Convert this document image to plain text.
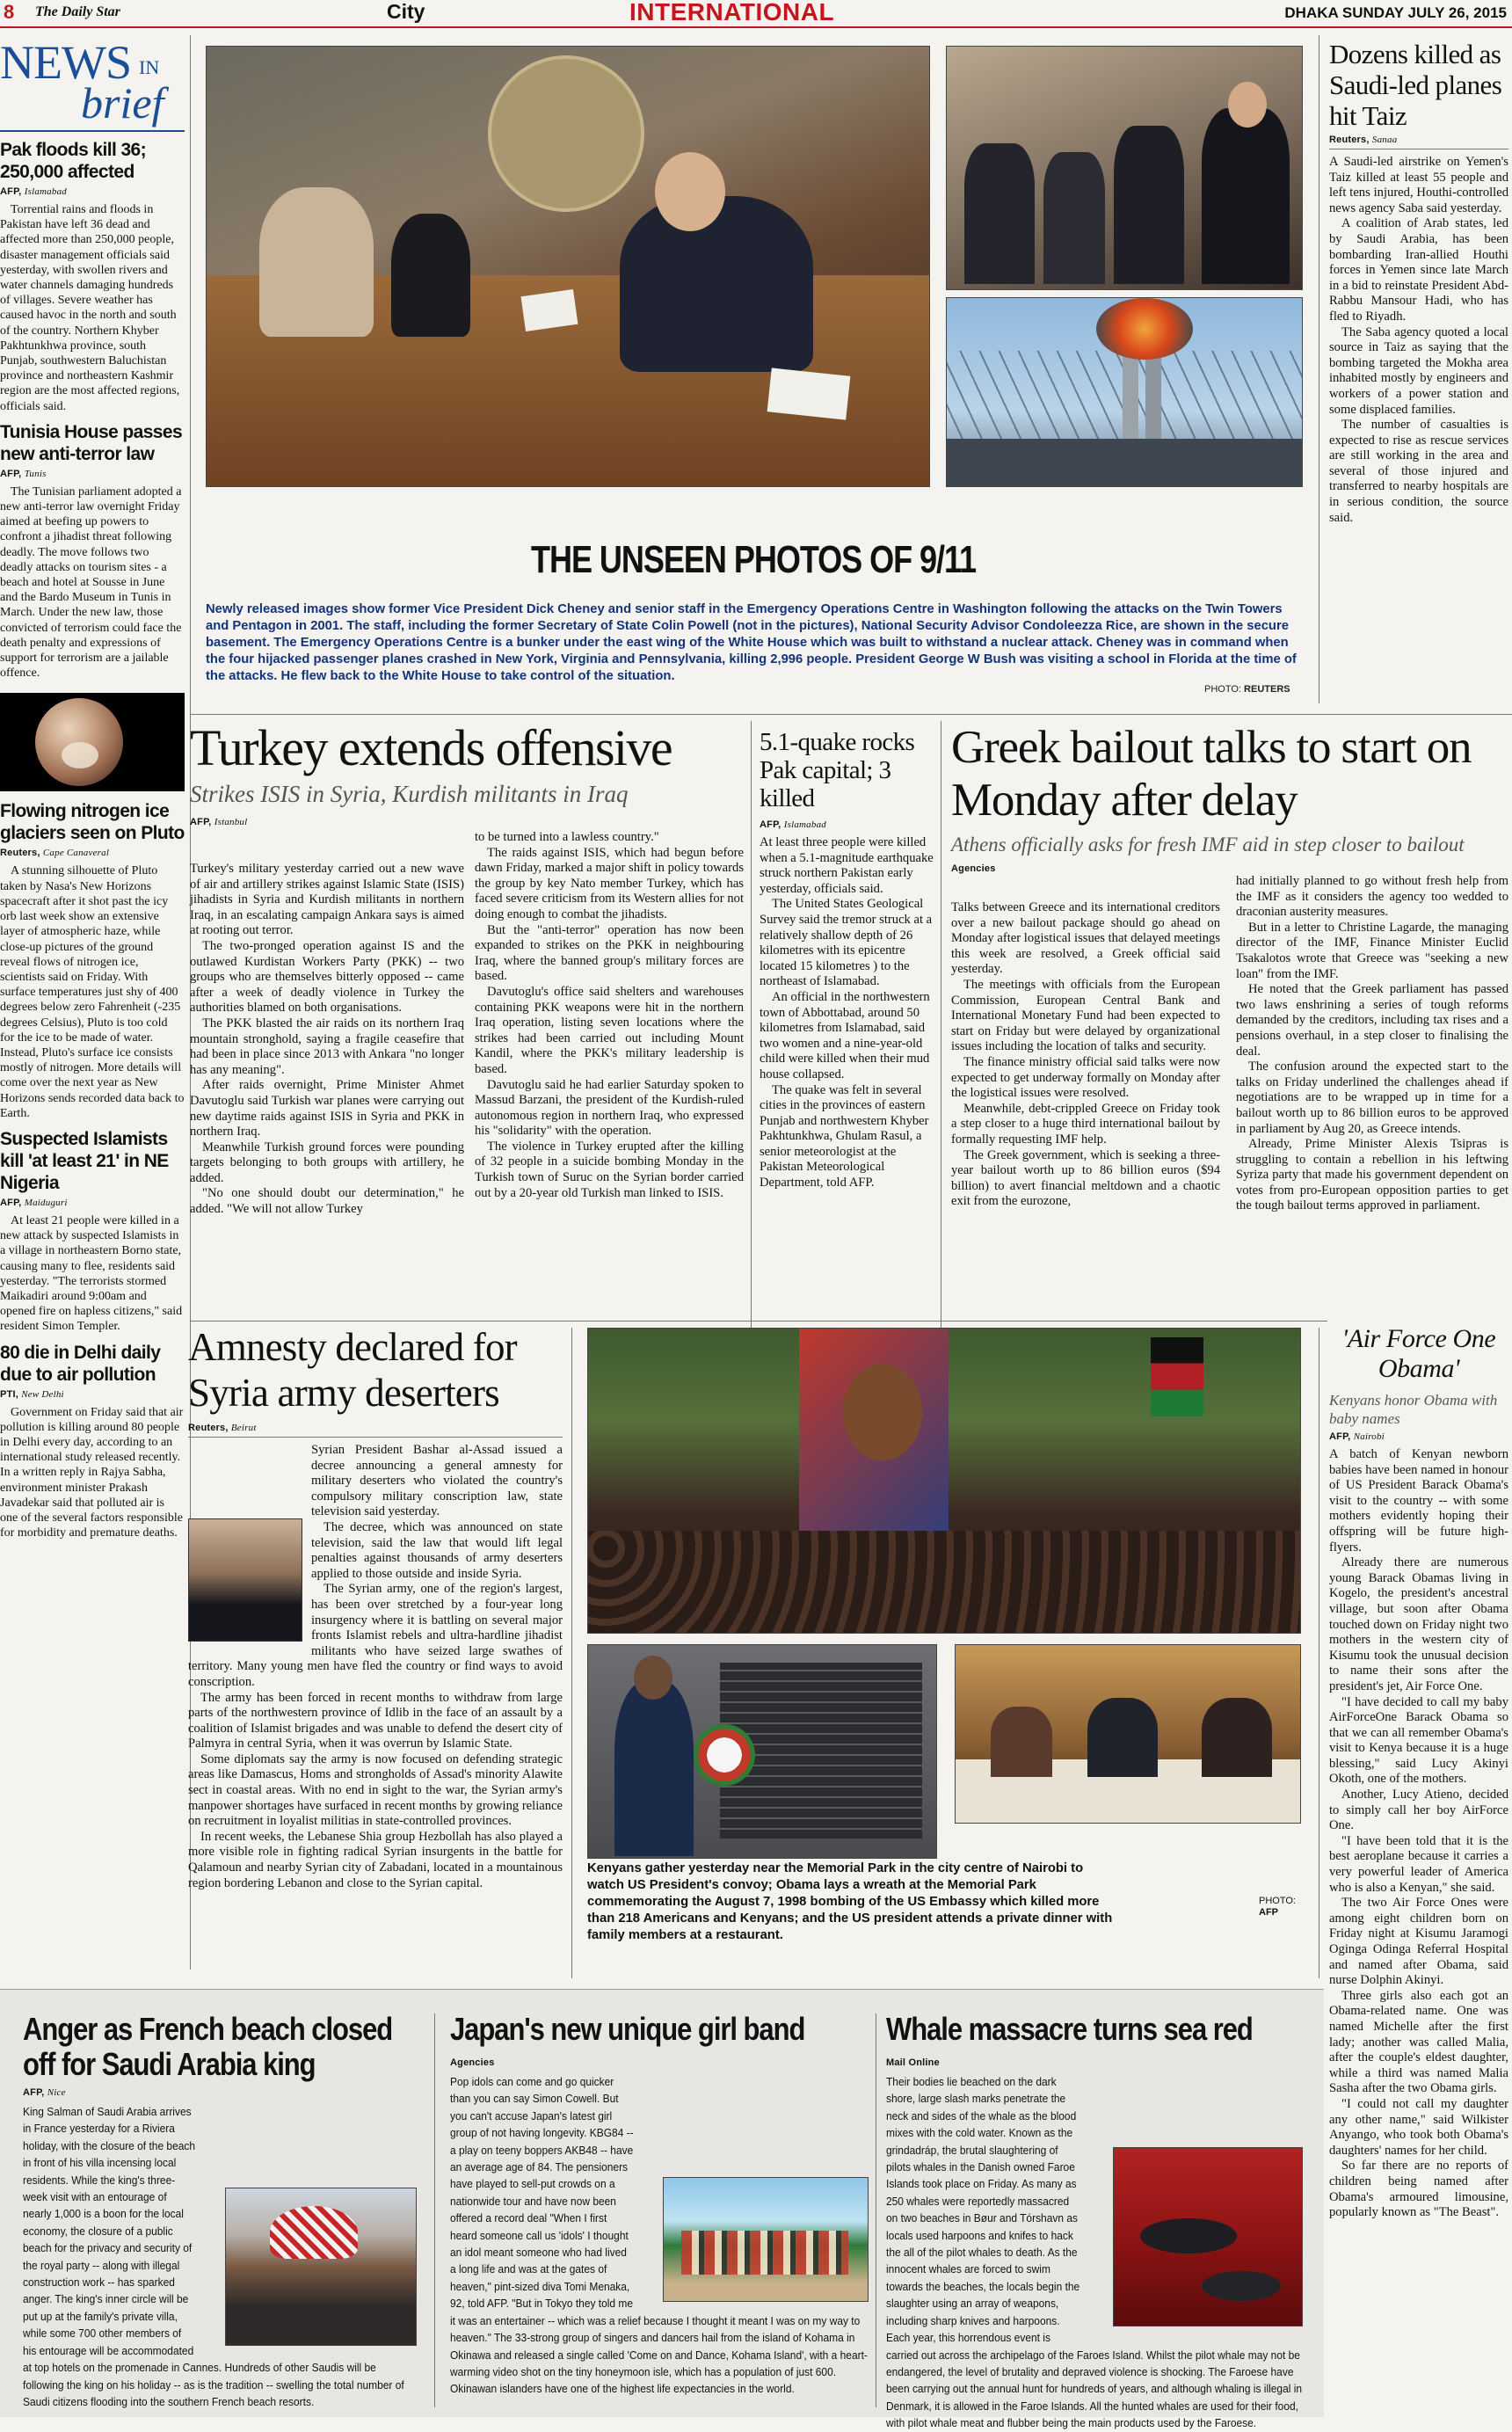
8 The Daily Star	City	INTERNATIONAL	DHAKA SUNDAY JULY 26, 2015
NEWS IN
brief
Pak floods kill 36; 250,000 affected
AFP, Islamabad

Torrential rains and floods in Pakistan have left 36 dead and affected more than 250,000 people, disaster management officials said yesterday, with swollen rivers and water channels damaging hundreds of villages. Severe weather has caused havoc in the north and south of the country. Northern Khyber Pakhtunkhwa province, south Punjab, southwestern Baluchistan province and northeastern Kashmir region are the most affected regions, officials said.

Tunisia House passes new anti-terror law
AFP, Tunis

The Tunisian parliament adopted a new anti-terror law overnight Friday aimed at beefing up powers to confront a jihadist threat following deadly. The move follows two deadly attacks on tourism sites - a beach and hotel at Sousse in June and the Bardo Museum in Tunis in March. Under the new law, those convicted of terrorism could face the death penalty and expressions of support for terrorism are a jailable offence.

Flowing nitrogen ice glaciers seen on Pluto
Reuters, Cape Canaveral

A stunning silhouette of Pluto taken by Nasa's New Horizons spacecraft after it shot past the icy orb last week show an extensive layer of atmospheric haze, while close-up pictures of the ground reveal flows of nitrogen ice, scientists said on Friday. With surface temperatures just shy of 400 degrees below zero Fahrenheit (-235 degrees Celsius), Pluto is too cold for the ice to be made of water. Instead, Pluto's surface ice consists mostly of nitrogen. More details will come over the next year as New Horizons sends recorded data back to Earth.

Suspected Islamists kill 'at least 21' in NE Nigeria
AFP, Maiduguri

At least 21 people were killed in a new attack by suspected Islamists in a village in northeastern Borno state, causing many to flee, residents said yesterday. "The terrorists stormed Maikadiri around 9:00am and opened fire on hapless citizens," said resident Simon Templer.

80 die in Delhi daily due to air pollution
PTI, New Delhi

Government on Friday said that air pollution is killing around 80 people in Delhi every day, according to an international study released recently. In a written reply in Rajya Sabha, environment minister Prakash Javadekar said that polluted air is one of the several factors responsible for morbidity and premature deaths.

THE UNSEEN PHOTOS OF 9/11
Newly released images show former Vice President Dick Cheney and senior staff in the Emergency Operations Centre in Washington following the attacks on the Twin Towers and Pentagon in 2001. The staff, including the former Secretary of State Colin Powell (not in the pictures), National Security Advisor Condoleezza Rice, are shown in the secure basement. The Emergency Operations Centre is a bunker under the east wing of the White House which was built to withstand a nuclear attack. Cheney was in command when the four hijacked passenger planes crashed in New York, Virginia and Pennsylvania, killing 2,996 people. President George W Bush was visiting a school in Florida at the time of the attacks. He flew back to the White House to take control of the situation.
PHOTO: REUTERS
Dozens killed as Saudi-led planes hit Taiz
Reuters, Sanaa

A Saudi-led airstrike on Yemen's Taiz killed at least 55 people and left tens injured, Houthi-controlled news agency Saba said yesterday.

A coalition of Arab states, led by Saudi Arabia, has been bombarding Iran-allied Houthi forces in Yemen since late March in a bid to reinstate President Abd-Rabbu Mansour Hadi, who has fled to Riyadh.

The Saba agency quoted a local source in Taiz as saying that the bombing targeted the Mokha area inhabited mostly by engineers and workers of a power station and some displaced families.

The number of casualties is expected to rise as rescue services are still working in the area and several of those injured and transferred to nearby hospitals are in serious condition, the source said.

Turkey extends offensive
Strikes ISIS in Syria, Kurdish militants in Iraq
AFP, Istanbul

Turkey's military yesterday carried out a new wave of air and artillery strikes against Islamic State (ISIS) jihadists in Syria and Kurdish militants in northern Iraq, in an escalating campaign Ankara says is aimed at rooting out terror.

The two-pronged operation against IS and the outlawed Kurdistan Workers Party (PKK) -- two groups who are themselves bitterly opposed -- came after a week of deadly violence in Turkey the authorities blamed on both organisations.

The PKK blasted the air raids on its northern Iraq mountain stronghold, saying a fragile ceasefire that had been in place since 2013 with Ankara "no longer has any meaning".

After raids overnight, Prime Minister Ahmet Davutoglu said Turkish war planes were carrying out new daytime raids against ISIS in Syria and PKK in northern Iraq.

Meanwhile Turkish ground forces were pounding targets belonging to both groups with artillery, he added.

"No one should doubt our determination," he added. "We will not allow Turkey

to be turned into a lawless country."

The raids against ISIS, which had begun before dawn Friday, marked a major shift in policy towards the group by key Nato member Turkey, which has faced severe criticism from its Western allies for not doing enough to combat the jihadists.

But the "anti-terror" operation has now been expanded to strikes on the PKK in neighbouring Iraq, where the banned group's military forces are based.

Davutoglu's office said shelters and warehouses containing PKK weapons were hit in the northern Iraq operation, listing seven locations where the strikes had been carried out including Mount Kandil, where the PKK's military leadership is based.

Davutoglu said he had earlier Saturday spoken to Massud Barzani, the president of the Kurdish-ruled autonomous region in northern Iraq, who expressed his "solidarity" with the operation.

The violence in Turkey erupted after the killing of 32 people in a suicide bombing Monday in the Turkish town of Suruc on the Syrian border carried out by a 20-year old Turkish man linked to ISIS.

5.1-quake rocks Pak capital; 3 killed
AFP, Islamabad

At least three people were killed when a 5.1-magnitude earthquake struck northern Pakistan early yesterday, officials said.

The United States Geological Survey said the tremor struck at a relatively shallow depth of 26 kilometres with its epicentre located 15 kilometres ) to the northeast of Islamabad.

An official in the northwestern town of Abbottabad, around 50 kilometres from Islamabad, said two women and a nine-year-old child were killed when their mud house collapsed.

The quake was felt in several cities in the provinces of eastern Punjab and northwestern Khyber Pakhtunkhwa, Ghulam Rasul, a senior meteorologist at the Pakistan Meteorological Department, told AFP.

Greek bailout talks to start on Monday after delay
Athens officially asks for fresh IMF aid in step closer to bailout
Agencies

Talks between Greece and its international creditors over a new bailout package should go ahead on Monday after logistical issues that delayed meetings this week are resolved, a Greek official said yesterday.

The meetings with officials from the European Commission, European Central Bank and International Monetary Fund had been expected to start on Friday but were delayed by organizational issues including the location of talks and security.

The finance ministry official said talks were now expected to get underway formally on Monday after the logistical issues were resolved.

Meanwhile, debt-crippled Greece on Friday took a step closer to a huge third international bailout by formally requesting IMF help.

The Greek government, which is seeking a three-year bailout worth up to 86 billion euros ($94 billion) to avert financial meltdown and a chaotic exit from the eurozone,

had initially planned to go without fresh help from the IMF as it considers the agency too wedded to draconian austerity measures.

But in a letter to Christine Lagarde, the managing director of the IMF, Finance Minister Euclid Tsakalotos wrote that Greece was "seeking a new loan" from the IMF.

He noted that the Greek parliament has passed two laws enshrining a series of tough reforms demanded by the creditors, including tax rises and a pensions overhaul, in a step closer to finalising the deal.

The confusion around the expected start to the talks on Friday underlined the challenges ahead if negotiations are to be wrapped up in time for a bailout worth up to 86 billion euros to be approved in parliament by Aug 20, as Greece intends.

Already, Prime Minister Alexis Tsipras is struggling to contain a rebellion in his leftwing Syriza party that made his government dependent on votes from pro-European opposition parties to get the tough bailout terms approved in parliament.

Amnesty declared for Syria army deserters
Reuters, Beirut

Syrian President Bashar al-Assad issued a decree announcing a general amnesty for military deserters who violated the country's compulsory military conscription law, state television said yesterday.

The decree, which was announced on state television, said the law that would lift legal penalties against thousands of army deserters applied to those outside and inside Syria.

The Syrian army, one of the region's largest, has been over stretched by a four-year long insurgency where it is battling on several major fronts Islamist rebels and ultra-hardline jihadist militants who have seized large swathes of territory. Many young men have fled the country or find ways to avoid conscription.

The army has been forced in recent months to withdraw from large parts of the northwestern province of Idlib in the face of an assault by a coalition of Islamist brigades and was unable to defend the desert city of Palmyra in central Syria, when it was overrun by Islamic State.

Some diplomats say the army is now focused on defending strategic areas like Damascus, Homs and strongholds of Assad's minority Alawite sect in coastal areas. With no end in sight to the war, the Syrian army's manpower shortages have surfaced in recent months by growing reliance on recruitment in loyalist militias in state-controlled provinces.

In recent weeks, the Lebanese Shia group Hezbollah has also played a more visible role in fighting radical Syrian insurgents in the battle for Qalamoun and nearby Syrian city of Zabadani, located in a mountainous region bordering Lebanon and close to the Syrian capital.

Kenyans gather yesterday near the Memorial Park in the city centre of Nairobi to watch US President's convoy; Obama lays a wreath at the Memorial Park commemorating the August 7, 1998 bombing of the US Embassy which killed more than 218 Americans and Kenyans; and the US president attends a private dinner with family members at a restaurant.
PHOTO:
AFP
'Air Force One Obama'
Kenyans honor Obama with baby names
AFP, Nairobi

A batch of Kenyan newborn babies have been named in honour of US President Barack Obama's visit to the country -- with some mothers evidently hoping their offspring will be future high-flyers.

Already there are numerous young Barack Obamas living in Kogelo, the president's ancestral village, but soon after Obama touched down on Friday night two mothers in the western city of Kisumu took the unusual decision to name their sons after the president's jet, Air Force One.

"I have decided to call my baby AirForceOne Barack Obama so that we can all remember Obama's visit to Kenya because it is a huge blessing," said Lucy Akinyi Okoth, one of the mothers.

Another, Lucy Atieno, decided to simply call her boy AirForce One.

"I have been told that it is the best aeroplane because it carries a very powerful leader of America who is also a Kenyan," she said.

The two Air Force Ones were among eight children born on Friday night at Kisumu Jaramogi Oginga Odinga Referral Hospital and named after Obama, said nurse Dolphin Akinyi.

Three girls also each got an Obama-related name. One was named Michelle after the first lady; another was called Malia, after the couple's eldest daughter, while a third was named Malia Sasha after the two Obama girls.

"I could not call my daughter any other name," said Wilkister Anyango, who took both Obama's daughters' names for her child.

So far there are no reports of children being named after Obama's armoured limousine, popularly known as "The Beast".

Anger as French beach closed off for Saudi Arabia king
AFP, Nice
King Salman of Saudi Arabia arrives in France yesterday for a Riviera holiday, with the closure of the beach in front of his villa incensing local residents. While the king's three-week visit with an entourage of nearly 1,000 is a boon for the local economy, the closure of a public beach for the privacy and security of the royal party -- along with illegal construction work -- has sparked anger. The king's inner circle will be put up at the family's private villa, while some 700 other members of his entourage will be accommodated at top hotels on the promenade in Cannes. Hundreds of other Saudis will be following the king on his holiday -- as is the tradition -- swelling the total number of Saudi citizens flooding into the southern French beach resorts.
Japan's new unique girl band
Agencies
Pop idols can come and go quicker than you can say Simon Cowell. But you can't accuse Japan's latest girl group of not having longevity. KBG84 -- a play on teeny boppers AKB48 -- have an average age of 84. The pensioners have played to sell-put crowds on a nationwide tour and have now been offered a record deal "When I first heard someone call us 'idols' I thought an idol meant someone who had lived a long life and was at the gates of heaven," pint-sized diva Tomi Menaka, 92, told AFP. "But in Tokyo they told me it was an entertainer -- which was a relief because I thought it meant I was on my way to heaven." The 33-strong group of singers and dancers hail from the island of Kohama in Okinawa and released a single called 'Come on and Dance, Kohama Island', with a heart-warming video shot on the tiny honeymoon isle, which has a population of just 600. Okinawan islanders have one of the highest life expectancies in the world.
Whale massacre turns sea red
Mail Online
Their bodies lie beached on the dark shore, large slash marks penetrate the neck and sides of the whale as the blood mixes with the cold water. Known as the grindadráp, the brutal slaughtering of pilots whales in the Danish owned Faroe Islands took place on Friday. As many as 250 whales were reportedly massacred on two beaches in Bøur and Tórshavn as locals used harpoons and knifes to hack the all of the pilot whales to death. As the innocent whales are forced to swim towards the beaches, the locals begin the slaughter using an array of weapons, including sharp knives and harpoons. Each year, this horrendous event is carried out across the archipelago of the Faroes Island. Whilst the pilot whale may not be endangered, the level of brutality and depraved violence is shocking. The Faroese have been carrying out the annual hunt for hundreds of years, and although whaling is illegal in Denmark, it is allowed in the Faroe Islands. All the hunted whales are used for their food, with pilot whale meat and flubber being the main products used by the Faroese.
